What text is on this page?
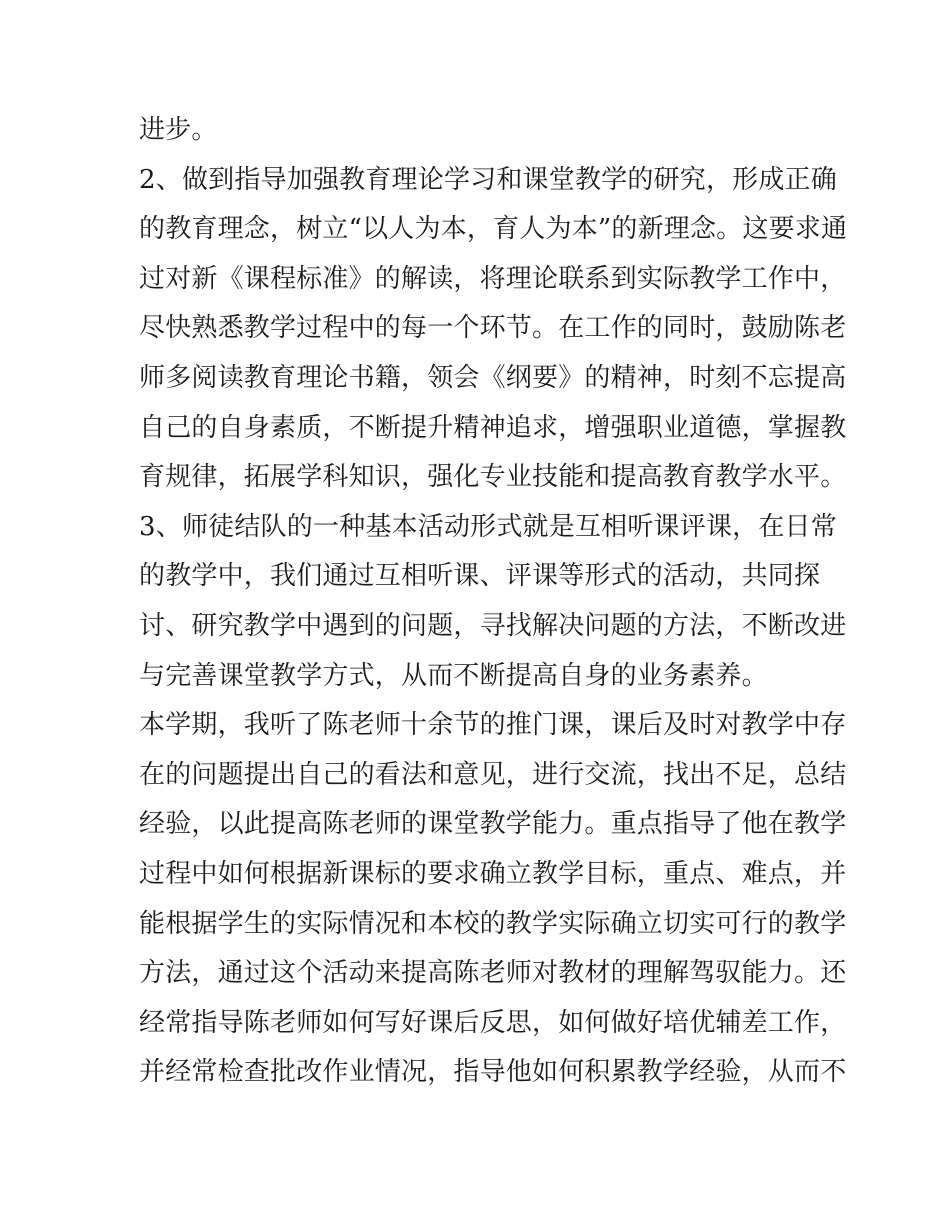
进步。
2、做到指导加强教育理论学习和课堂教学的研究，形成正确
的教育理念，树立“以人为本，育人为本”的新理念。这要求通
过对新《课程标准》的解读，将理论联系到实际教学工作中，
尽快熟悉教学过程中的每一个环节。在工作的同时，鼓励陈老
师多阅读教育理论书籍，领会《纲要》的精神，时刻不忘提高
自己的自身素质，不断提升精神追求，增强职业道德，掌握教
育规律，拓展学科知识，强化专业技能和提高教育教学水平。
3、师徒结队的一种基本活动形式就是互相听课评课，在日常
的教学中，我们通过互相听课、评课等形式的活动，共同探
讨、研究教学中遇到的问题，寻找解决问题的方法，不断改进
与完善课堂教学方式，从而不断提高自身的业务素养。
本学期，我听了陈老师十余节的推门课，课后及时对教学中存
在的问题提出自己的看法和意见，进行交流，找出不足，总结
经验，以此提高陈老师的课堂教学能力。重点指导了他在教学
过程中如何根据新课标的要求确立教学目标，重点、难点，并
能根据学生的实际情况和本校的教学实际确立切实可行的教学
方法，通过这个活动来提高陈老师对教材的理解驾驭能力。还
经常指导陈老师如何写好课后反思，如何做好培优辅差工作，
并经常检查批改作业情况，指导他如何积累教学经验，从而不
